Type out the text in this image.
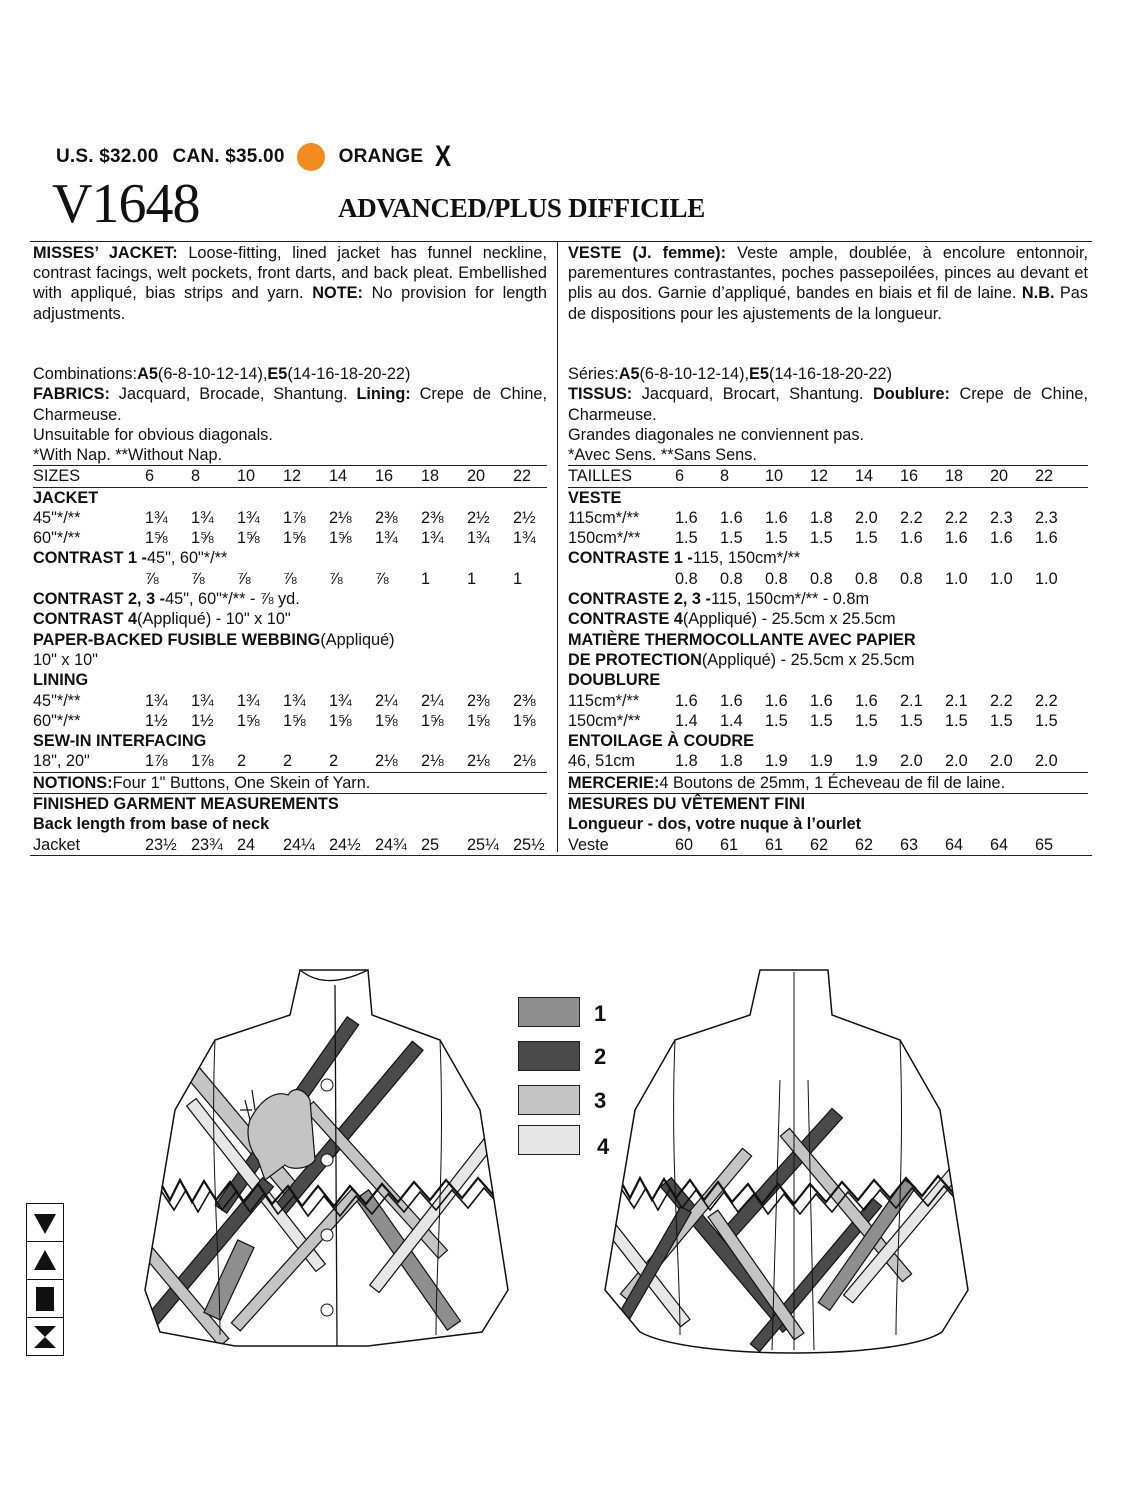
U.S. $32.00 CAN. $35.00	ORANGE X
V1648	ADVANCED/PLUS DIFFICILE
MISSES’ JACKET: Loose-fitting, lined jacket has funnel neckline, contrast facings, welt pockets, front darts, and back pleat. Embellished with appliqué, bias strips and yarn. NOTE: No provision for length adjustments.
Combinations: A5 (6-8-10-12-14), E5 (14-16-18-20-22)
FABRICS: Jacquard, Brocade, Shantung. Lining: Crepe de Chine, Charmeuse.
Unsuitable for obvious diagonals.
*With Nap. **Without Nap.
SIZES	6	8	10	12	14	16	18	20	22
JACKET
45"*/**	1¾	1¾	1¾	1⅞	2⅛	2⅜	2⅜	2½	2½
60"*/**	1⅝	1⅝	1⅝	1⅝	1⅝	1¾	1¾	1¾	1¾
CONTRAST 1 - 45", 60"*/**
⅞	⅞	⅞	⅞	⅞	⅞	1	1	1
CONTRAST 2, 3 - 45", 60"*/** - ⅞ yd.
CONTRAST 4 (Appliqué) - 10" x 10"
PAPER-BACKED FUSIBLE WEBBING (Appliqué)
10" x 10"
LINING
45"*/**	1¾	1¾	1¾	1¾	1¾	2¼	2¼	2⅜	2⅜
60"*/**	1½	1½	1⅝	1⅝	1⅝	1⅝	1⅝	1⅝	1⅝
SEW-IN INTERFACING
18", 20"	1⅞	1⅞	2	2	2	2⅛	2⅛	2⅛	2⅛
NOTIONS: Four 1" Buttons, One Skein of Yarn.
FINISHED GARMENT MEASUREMENTS
Back length from base of neck
Jacket	23½ 23¾ 24	24¼ 24½ 24¾ 25	25¼ 25½
VESTE (J. femme): Veste ample, doublée, à encolure entonnoir, parementures contrastantes, poches passepoilées, pinces au devant et plis au dos. Garnie d’appliqué, bandes en biais et fil de laine. N.B. Pas de dispositions pour les ajustements de la longueur.
Séries: A5 (6-8-10-12-14), E5 (14-16-18-20-22)
TISSUS: Jacquard, Brocart, Shantung. Doublure: Crepe de Chine, Charmeuse.
Grandes diagonales ne conviennent pas.
*Avec Sens. **Sans Sens.
TAILLES	6	8	10	12	14	16	18	20	22
VESTE
115cm*/**	1.6	1.6	1.6	1.8	2.0	2.2	2.2	2.3	2.3
150cm*/**	1.5	1.5	1.5	1.5	1.5	1.6	1.6	1.6	1.6
CONTRASTE 1 - 115, 150cm*/**
0.8	0.8	0.8	0.8	0.8	0.8	1.0	1.0	1.0
CONTRASTE 2, 3 - 115, 150cm*/** - 0.8m
CONTRASTE 4 (Appliqué) - 25.5cm x 25.5cm
MATIÈRE THERMOCOLLANTE AVEC PAPIER
DE PROTECTION (Appliqué) - 25.5cm x 25.5cm
DOUBLURE
115cm*/**	1.6	1.6	1.6	1.6	1.6	2.1	2.1	2.2	2.2
150cm*/**	1.4	1.4	1.5	1.5	1.5	1.5	1.5	1.5	1.5
ENTOILAGE À COUDRE
46, 51cm	1.8	1.8	1.9	1.9	1.9	2.0	2.0	2.0	2.0
MERCERIE: 4 Boutons de 25mm, 1 Écheveau de fil de laine.
MESURES DU VÊTEMENT FINI
Longueur - dos, votre nuque à l’ourlet
Veste	60	61	61	62	62	63	64	64	65
1
2
3
4
